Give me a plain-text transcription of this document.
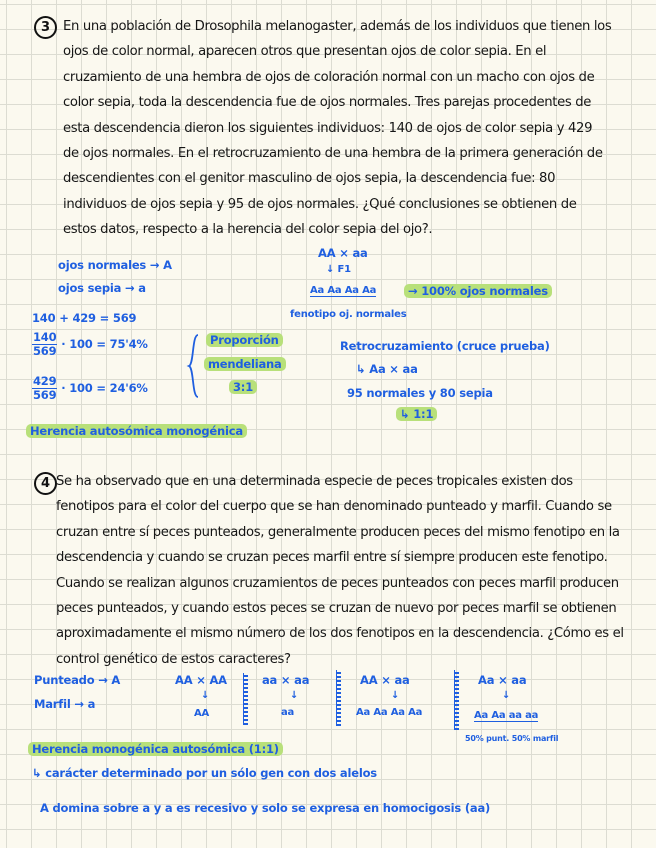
3 En una población de Drosophila melanogaster, además de los individuos que tienen los
ojos de color normal, aparecen otros que presentan ojos de color sepia. En el
cruzamiento de una hembra de ojos de coloración normal con un macho con ojos de
color sepia, toda la descendencia fue de ojos normales. Tres parejas procedentes de
esta descendencia dieron los siguientes individuos: 140 de ojos de color sepia y 429
de ojos normales. En el retrocruzamiento de una hembra de la primera generación de
descendientes con el genitor masculino de ojos sepia, la descendencia fue: 80
individuos de ojos sepia y 95 de ojos normales. ¿Qué conclusiones se obtienen de
estos datos, respecto a la herencia del color sepia del ojo?.
ojos normales → A
ojos sepia → a
AA × aa
↓ F1
Aa Aa Aa Aa	→ 100% ojos normales
fenotipo oj. normales
140 + 429 = 569
$\frac{140}{569} \cdot 100 = 75'4\%$
$\frac{429}{569} \cdot 100 = 24'6\%$
Proporción
mendeliana
3:1
Retrocruzamiento (cruce prueba)
↳ Aa × aa
95 normales y 80 sepia
↳ 1:1
Herencia autosómica monogénica
4 Se ha observado que en una determinada especie de peces tropicales existen dos
fenotipos para el color del cuerpo que se han denominado punteado y marfil. Cuando se
cruzan entre sí peces punteados, generalmente producen peces del mismo fenotipo en la
descendencia y cuando se cruzan peces marfil entre sí siempre producen este fenotipo.
Cuando se realizan algunos cruzamientos de peces punteados con peces marfil producen
peces punteados, y cuando estos peces se cruzan de nuevo por peces marfil se obtienen
aproximadamente el mismo número de los dos fenotipos en la descendencia. ¿Cómo es el
control genético de estos caracteres?
Punteado → A
Marfil → a
AA × AA
↓
AA
aa × aa
↓
aa
AA × aa
↓
Aa Aa Aa Aa
Aa × aa
↓
Aa Aa aa aa
50% punt. 50% marfil
Herencia monogénica autosómica (1:1)
↳ carácter determinado por un sólo gen con dos alelos
A domina sobre a y a es recesivo y solo se expresa en homocigosis (aa)
